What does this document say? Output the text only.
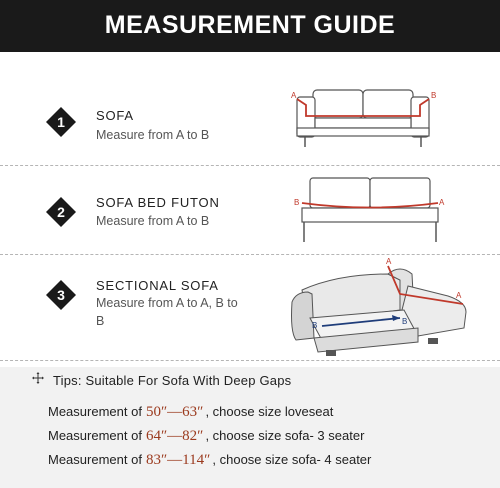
MEASUREMENT GUIDE
1 SOFA
Measure from A to B
A	B
2
SOFA BED FUTON
Measure from A to B
B	A
3
SECTIONAL SOFA
Measure from A to A, B to B
A
A
B	B
Tips: Suitable For Sofa With Deep Gaps
Measurement of 50″—63″ , choose size loveseat
Measurement of 64″—82″ , choose size sofa- 3 seater
Measurement of 83″—114″ , choose size sofa- 4 seater
